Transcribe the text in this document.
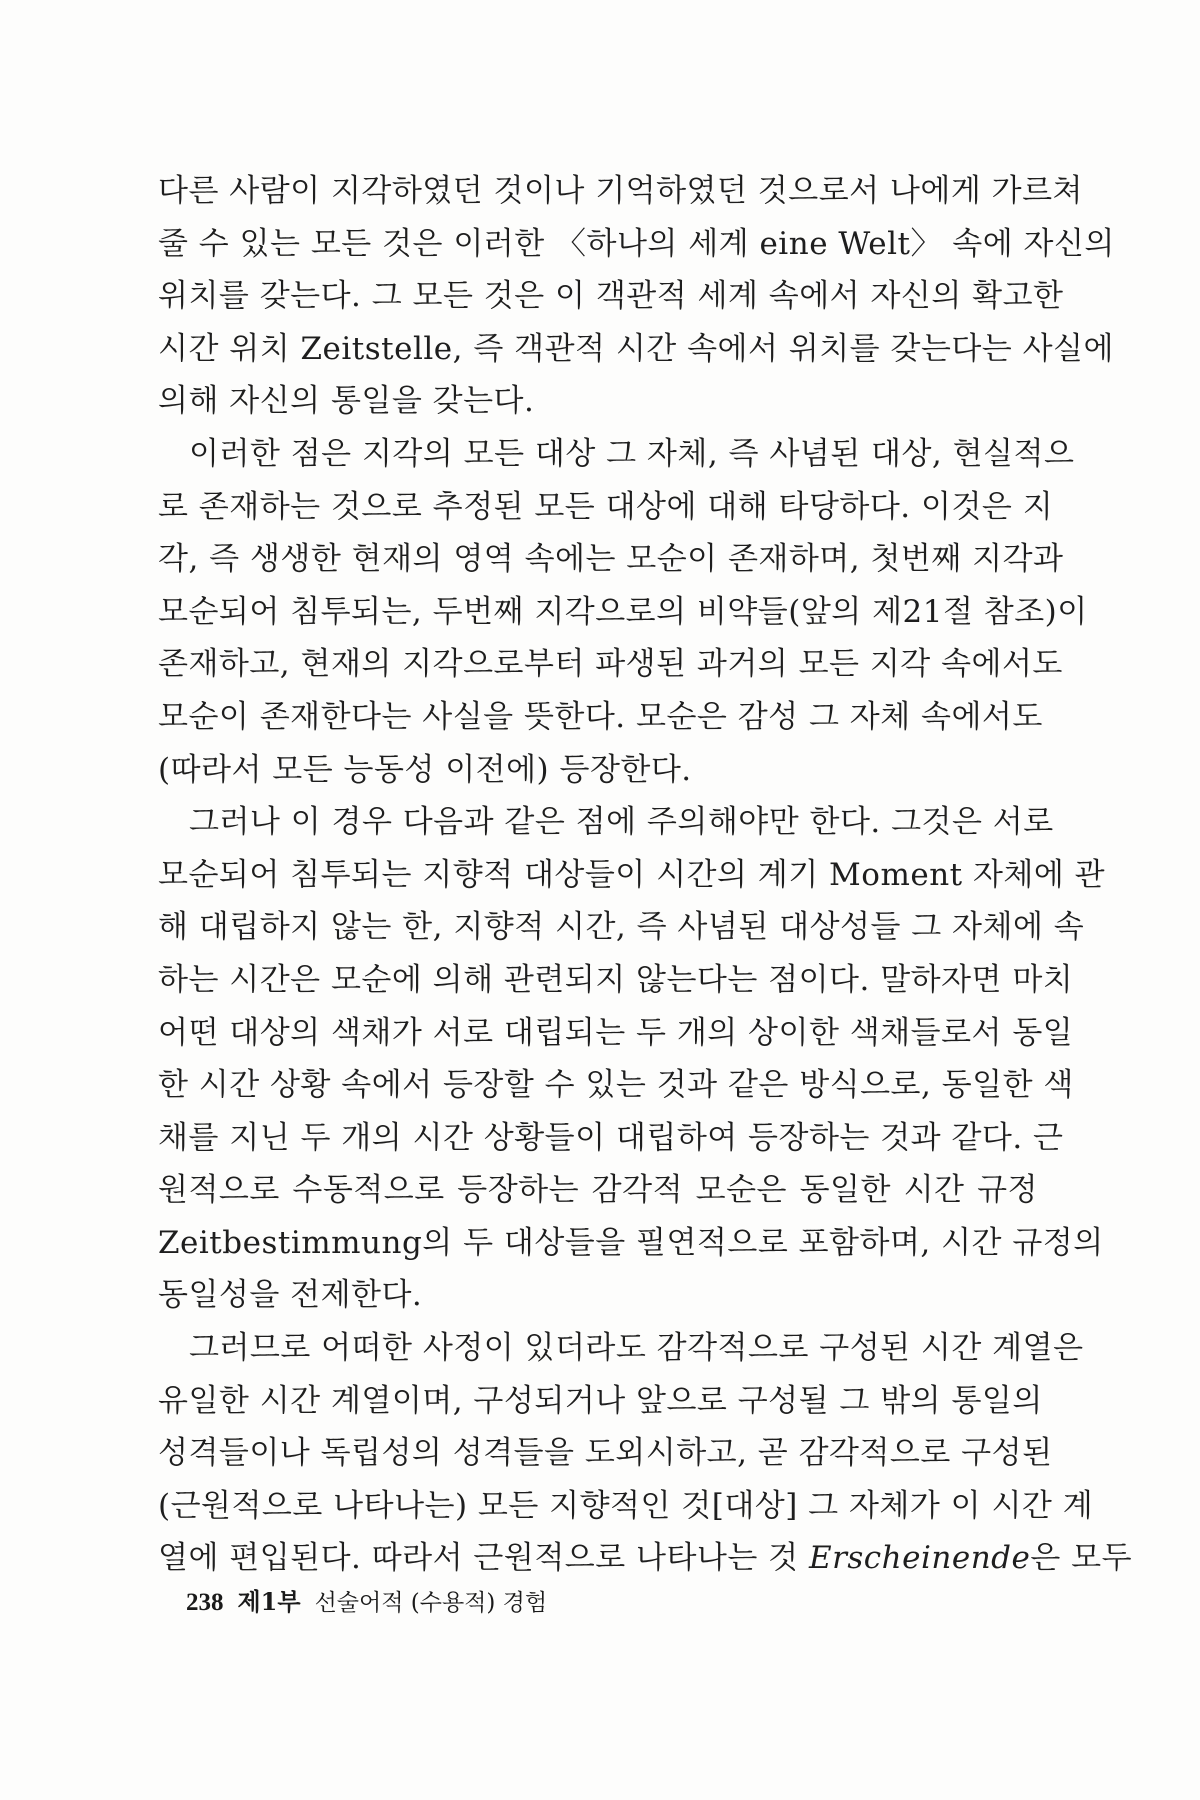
다른 사람이 지각하였던 것이나 기억하였던 것으로서 나에게 가르쳐
줄 수 있는 모든 것은 이러한 〈하나의 세계 eine Welt〉 속에 자신의
위치를 갖는다. 그 모든 것은 이 객관적 세계 속에서 자신의 확고한
시간 위치 Zeitstelle, 즉 객관적 시간 속에서 위치를 갖는다는 사실에
의해 자신의 통일을 갖는다.
이러한 점은 지각의 모든 대상 그 자체, 즉 사념된 대상, 현실적으
로 존재하는 것으로 추정된 모든 대상에 대해 타당하다. 이것은 지
각, 즉 생생한 현재의 영역 속에는 모순이 존재하며, 첫번째 지각과
모순되어 침투되는, 두번째 지각으로의 비약들(앞의 제21절 참조)이
존재하고, 현재의 지각으로부터 파생된 과거의 모든 지각 속에서도
모순이 존재한다는 사실을 뜻한다. 모순은 감성 그 자체 속에서도
(따라서 모든 능동성 이전에) 등장한다.
그러나 이 경우 다음과 같은 점에 주의해야만 한다. 그것은 서로
모순되어 침투되는 지향적 대상들이 시간의 계기 Moment 자체에 관
해 대립하지 않는 한, 지향적 시간, 즉 사념된 대상성들 그 자체에 속
하는 시간은 모순에 의해 관련되지 않는다는 점이다. 말하자면 마치
어떤 대상의 색채가 서로 대립되는 두 개의 상이한 색채들로서 동일
한 시간 상황 속에서 등장할 수 있는 것과 같은 방식으로, 동일한 색
채를 지닌 두 개의 시간 상황들이 대립하여 등장하는 것과 같다. 근
원적으로 수동적으로 등장하는 감각적 모순은 동일한 시간 규정
Zeitbestimmung의 두 대상들을 필연적으로 포함하며, 시간 규정의
동일성을 전제한다.
그러므로 어떠한 사정이 있더라도 감각적으로 구성된 시간 계열은
유일한 시간 계열이며, 구성되거나 앞으로 구성될 그 밖의 통일의
성격들이나 독립성의 성격들을 도외시하고, 곧 감각적으로 구성된
(근원적으로 나타나는) 모든 지향적인 것[대상] 그 자체가 이 시간 계
열에 편입된다. 따라서 근원적으로 나타나는 것 Erscheinende은 모두
238 제1부 선술어적 (수용적) 경험
